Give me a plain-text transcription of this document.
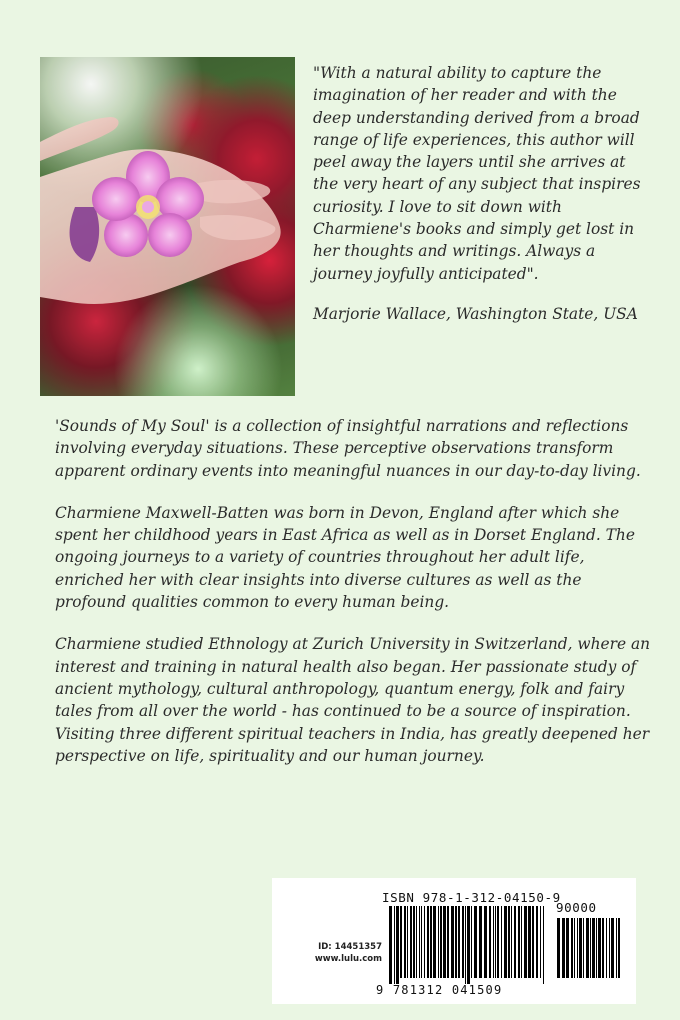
"With a natural ability to capture the imagination of her reader and with the deep understanding derived from a broad range of life experiences, this author will peel away the layers until she arrives at the very heart of any subject that inspires curiosity. I love to sit down with Charmiene's books and simply get lost in her thoughts and writings. Always a journey joyfully anticipated".

Marjorie Wallace, Washington State, USA

'Sounds of My Soul' is a collection of insightful narrations and reflections involving everyday situations. These perceptive observations transform apparent ordinary events into meaningful nuances in our day-to-day living.

Charmiene Maxwell-Batten was born in Devon, England after which she spent her childhood years in East Africa as well as in Dorset England. The ongoing journeys to a variety of countries throughout her adult life, enriched her with clear insights into diverse cultures as well as the profound qualities common to every human being.

Charmiene studied Ethnology at Zurich University in Switzerland, where an interest and training in natural health also began. Her passionate study of ancient mythology, cultural anthropology, quantum energy, folk and fairy tales from all over the world - has continued to be a source of inspiration. Visiting three different spiritual teachers in India, has greatly deepened her perspective on life, spirituality and our human journey.

ISBN 978-1-312-04150-9
90000
ID: 14451357
www.lulu.com
9 781312 041509
